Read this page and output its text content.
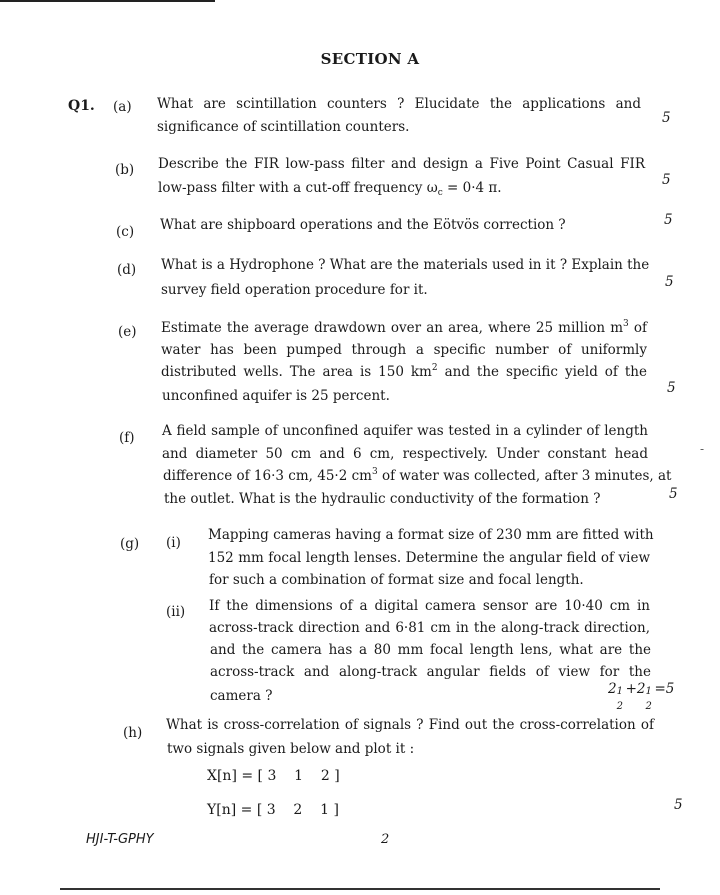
SECTION A
Q1. (a) What are scintillation counters ? Elucidate the applications and
significance of scintillation counters.
5
(b) Describe the FIR low-pass filter and design a Five Point Casual FIR
low-pass filter with a cut-off frequency $\omega_c = 0\cdot 4$ π.	5
(c) What are shipboard operations and the Eötvös correction ?	5
(d) What is a Hydrophone ? What are the materials used in it ? Explain the
survey field operation procedure for it.	5
(e) Estimate the average drawdown over an area, where 25 million $m^3$ of
water has been pumped through a specific number of uniformly
distributed wells. The area is 150 $km^2$ and the specific yield of the
unconfined aquifer is 25 percent.	5
(f) A field sample of unconfined aquifer was tested in a cylinder of length
and diameter 50 cm and 6 cm, respectively. Under constant head
difference of 16·3 cm, 45·2 $cm^3$ of water was collected, after 3 minutes, at
the outlet. What is the hydraulic conductivity of the formation ?	5
-
(g) (i) Mapping cameras having a format size of 230 mm are fitted with
152 mm focal length lenses. Determine the angular field of view
for such a combination of format size and focal length.
(ii) If the dimensions of a digital camera sensor are 10·40 cm in
across-track direction and 6·81 cm in the along-track direction,
and the camera has a 80 mm focal length lens, what are the
across-track and along-track angular fields of view for the
camera ?	2 1
2
+2 1
2
=5
(h) What is cross-correlation of signals ? Find out the cross-correlation of
two signals given below and plot it :
X[n] = [ 3    1    2 ]
Y[n] = [ 3    2    1 ]	5
HJI-T-GPHY	2
